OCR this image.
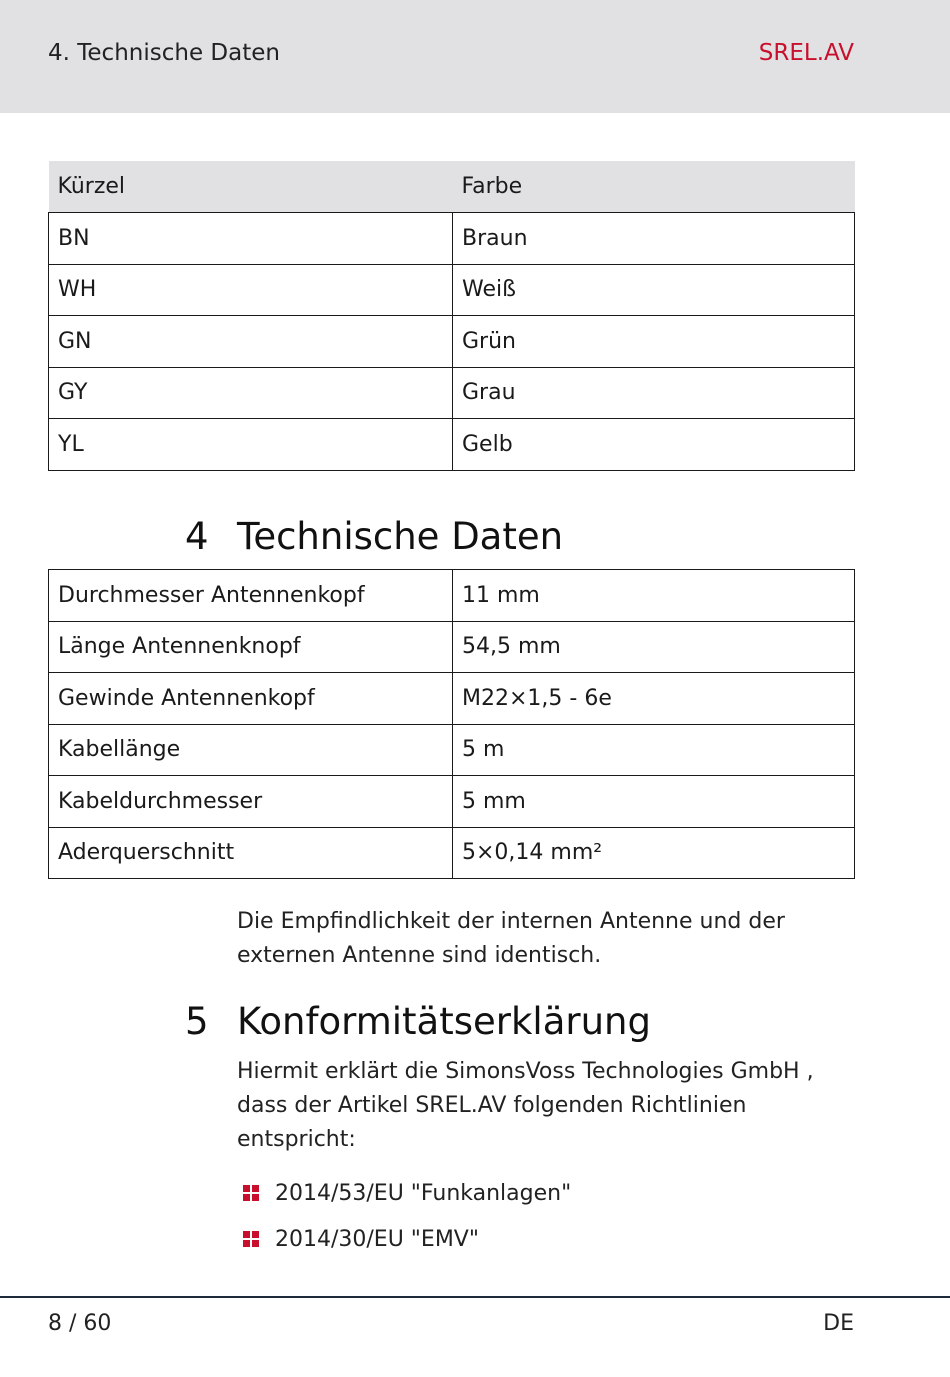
4. Technische Daten	SREL.AV
Kürzel	Farbe
BN	Braun
WH	Weiß
GN	Grün
GY	Grau
YL	Gelb
4 Technische Daten
Durchmesser Antennenkopf	11 mm
Länge Antennenknopf	54,5 mm
Gewinde Antennenkopf	M22×1,5 - 6e
Kabellänge	5 m
Kabeldurchmesser	5 mm
Aderquerschnitt	5×0,14 mm²
Die Empfindlichkeit der internen Antenne und der externen Antenne sind identisch.
5 Konformitätserklärung
Hiermit erklärt die SimonsVoss Technologies GmbH , dass der Artikel SREL.AV folgenden Richtlinien entspricht:
2014/53/EU "Funkanlagen"
2014/30/EU "EMV"
8 / 60	DE
